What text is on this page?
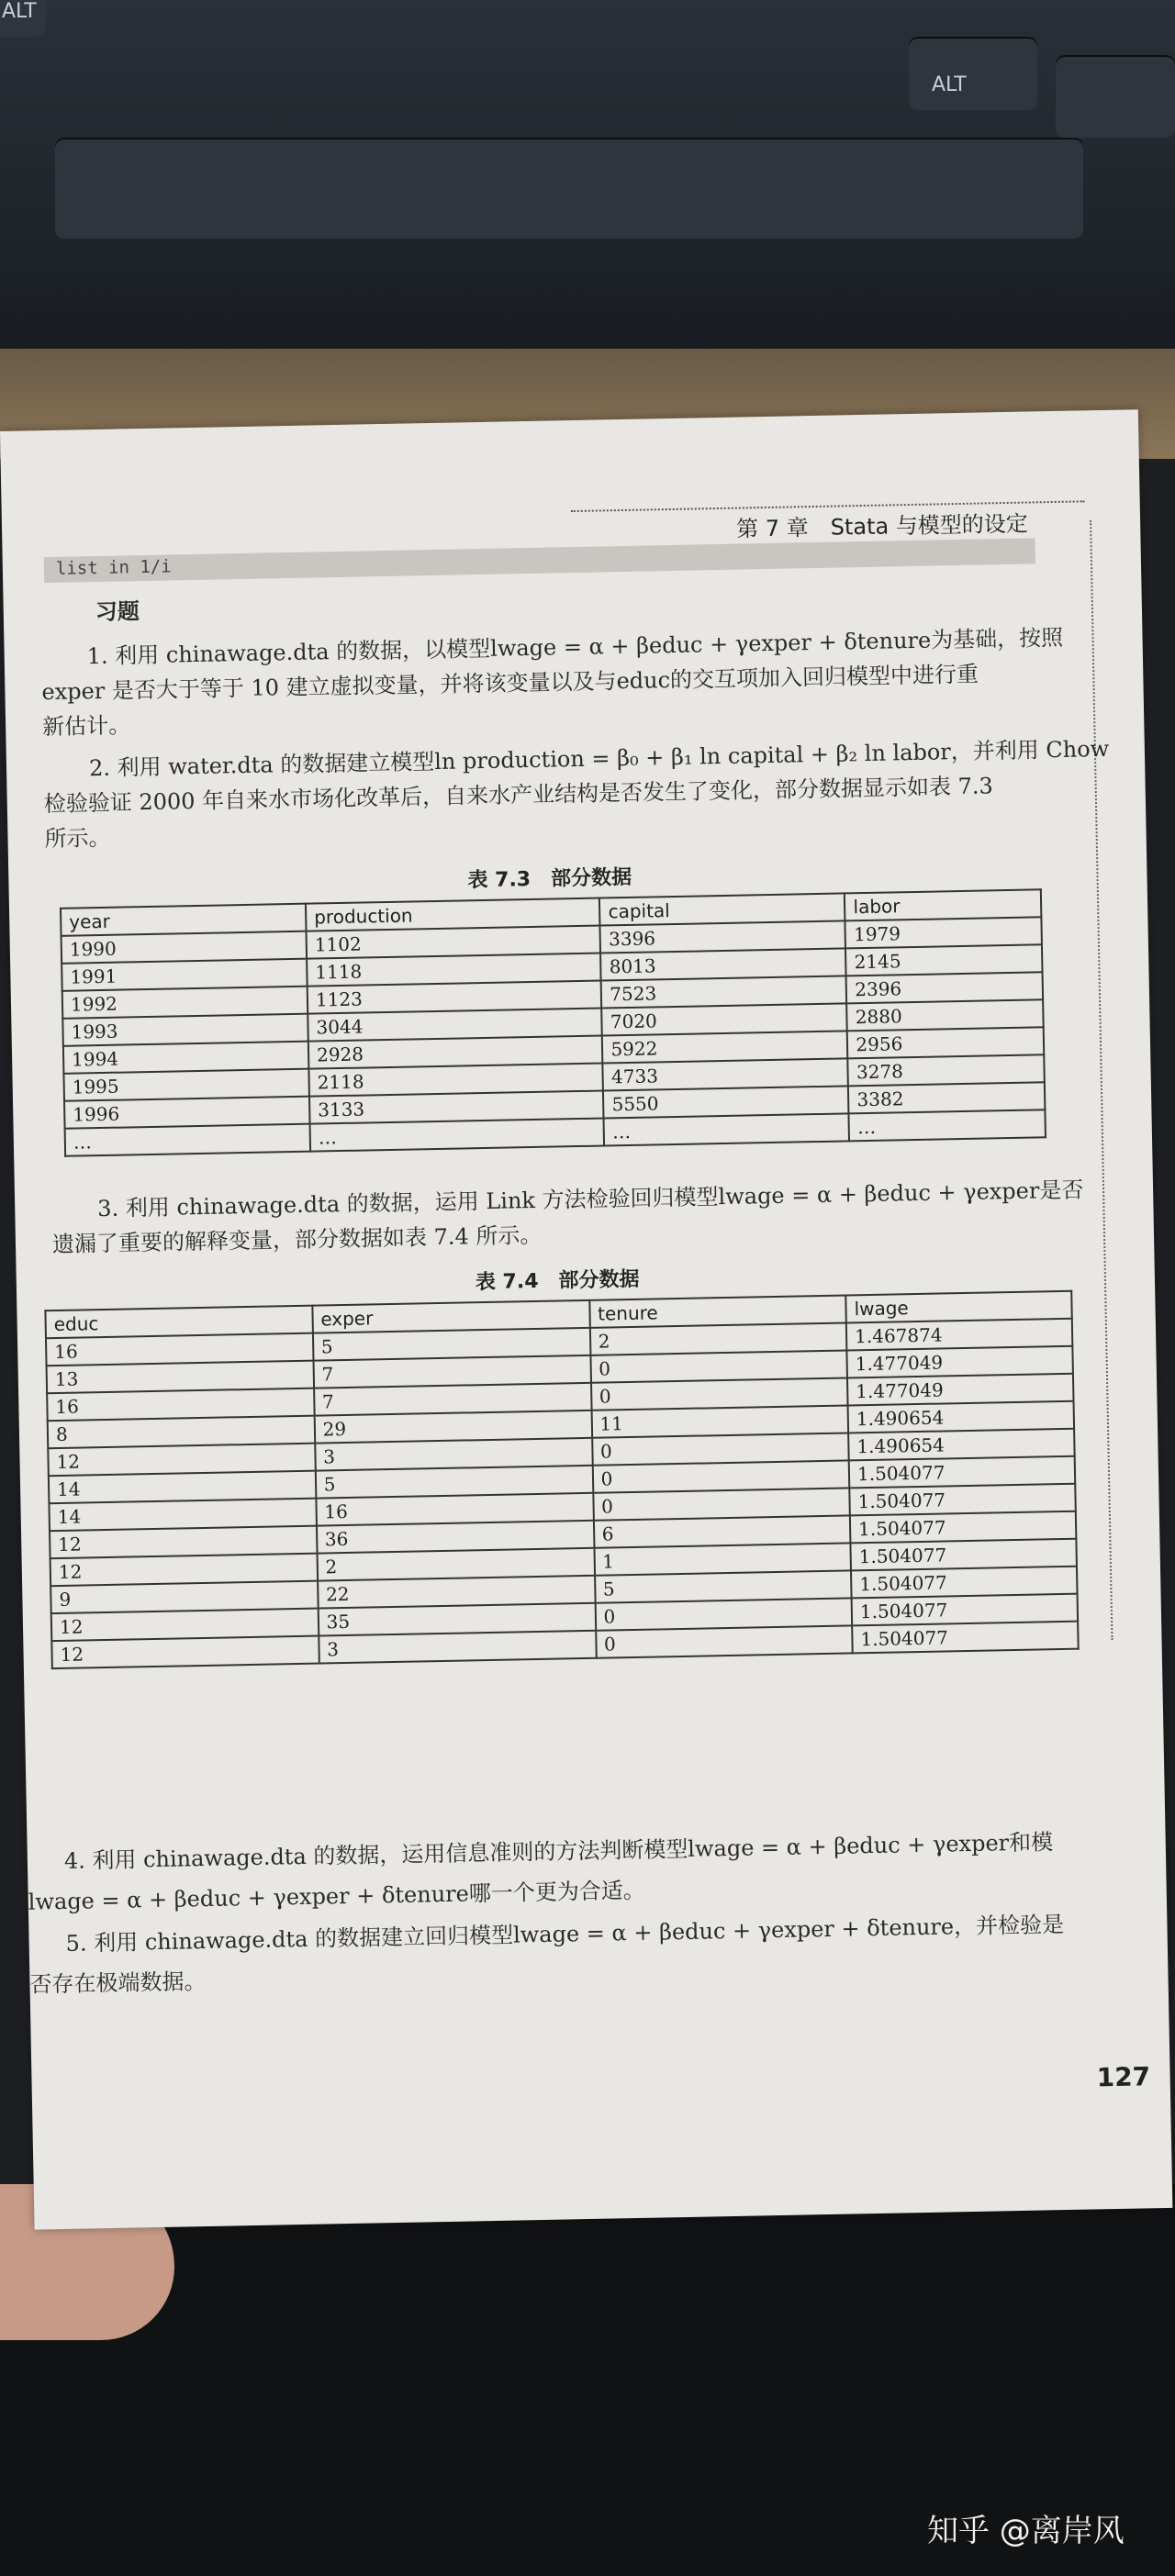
ALT
ALT
第 7 章　Stata 与模型的设定
list in 1/i
习题
1. 利用 chinawage.dta 的数据，以模型lwage = α + βeduc + γexper + δtenure为基础，按照
exper 是否大于等于 10 建立虚拟变量，并将该变量以及与educ的交互项加入回归模型中进行重
新估计。
2. 利用 water.dta 的数据建立模型ln production = β₀ + β₁ ln capital + β₂ ln labor，并利用 Chow
检验验证 2000 年自来水市场化改革后，自来水产业结构是否发生了变化，部分数据显示如表 7.3
所示。
表 7.3　部分数据
year	production	capital	labor
1990	1102	3396	1979
1991	1118	8013	2145
1992	1123	7523	2396
1993	3044	7020	2880
1994	2928	5922	2956
1995	2118	4733	3278
1996	3133	5550	3382
…	…	…	…
3. 利用 chinawage.dta 的数据，运用 Link 方法检验回归模型lwage = α + βeduc + γexper是否
遗漏了重要的解释变量，部分数据如表 7.4 所示。
表 7.4　部分数据
educ	exper	tenure	lwage
16	5	2	1.467874
13	7	0	1.477049
16	7	0	1.477049
8	29	11	1.490654
12	3	0	1.490654
14	5	0	1.504077
14	16	0	1.504077
12	36	6	1.504077
12	2	1	1.504077
9	22	5	1.504077
12	35	0	1.504077
12	3	0	1.504077
4. 利用 chinawage.dta 的数据，运用信息准则的方法判断模型lwage = α + βeduc + γexper和模
lwage = α + βeduc + γexper + δtenure哪一个更为合适。
5. 利用 chinawage.dta 的数据建立回归模型lwage = α + βeduc + γexper + δtenure，并检验是
否存在极端数据。
127
知乎 @离岸风
